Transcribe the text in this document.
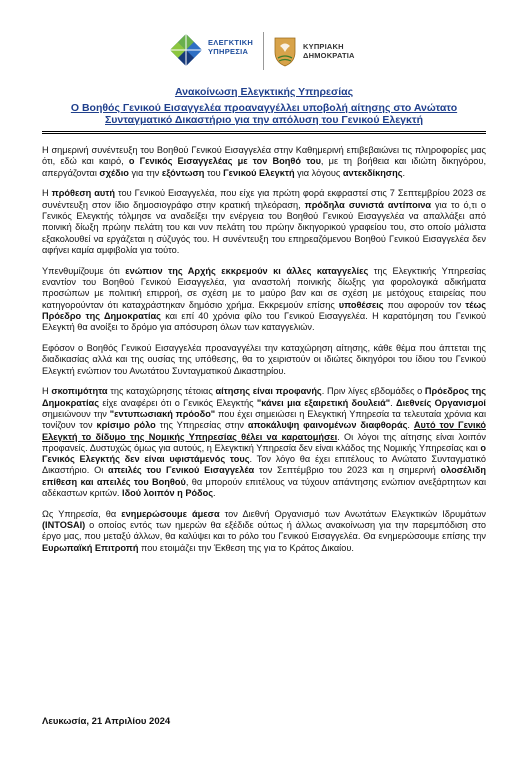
ΕΛΕΓΚΤΙΚΗ
ΥΠΗΡΕΣΙΑ
ΚΥΠΡΙΑΚΗ
ΔΗΜΟΚΡΑΤΙΑ
Ανακοίνωση Ελεγκτικής Υπηρεσίας
Ο Βοηθός Γενικού Εισαγγελέα προαναγγέλλει υποβολή αίτησης στο Ανώτατο Συνταγματικό Δικαστήριο για την απόλυση του Γενικού Ελεγκτή

Η σημερινή συνέντευξη του Βοηθού Γενικού Εισαγγελέα στην Καθημερινή επιβεβαιώνει τις πληροφορίες μας ότι, εδώ και καιρό, ο Γενικός Εισαγγελέας με τον Βοηθό του, με τη βοήθεια και ιδιώτη δικηγόρου, απεργάζονται σχέδιο για την εξόντωση του Γενικού Ελεγκτή για λόγους αντεκδίκησης.

Η πρόθεση αυτή του Γενικού Εισαγγελέα, που είχε για πρώτη φορά εκφραστεί στις 7 Σεπτεμβρίου 2023 σε συνέντευξη στον ίδιο δημοσιογράφο στην κρατική τηλεόραση, πρόδηλα συνιστά αντίποινα για το ό,τι ο Γενικός Ελεγκτής τόλμησε να αναδείξει την ενέργεια του Βοηθού Γενικού Εισαγγελέα να απαλλάξει από ποινική δίωξη πρώην πελάτη του και νυν πελάτη του πρώην δικηγορικού γραφείου του, στο οποίο μάλιστα εξακολουθεί να εργάζεται η σύζυγός του. Η συνέντευξη του επηρεαζόμενου Βοηθού Γενικού Εισαγγελέα δεν αφήνει καμία αμφιβολία για τούτο.

Υπενθυμίζουμε ότι ενώπιον της Αρχής εκκρεμούν κι άλλες καταγγελίες της Ελεγκτικής Υπηρεσίας εναντίον του Βοηθού Γενικού Εισαγγελέα, για αναστολή ποινικής δίωξης για φορολογικά αδικήματα προσώπων με πολιτική επιρροή, σε σχέση με το μαύρο βαν και σε σχέση με μετόχους εταιρείας που κατηγορούνταν ότι καταχράστηκαν δημόσιο χρήμα. Εκκρεμούν επίσης υποθέσεις που αφορούν τον τέως Πρόεδρο της Δημοκρατίας και επί 40 χρόνια φίλο του Γενικού Εισαγγελέα. Η καρατόμηση του Γενικού Ελεγκτή θα ανοίξει το δρόμο για απόσυρση όλων των καταγγελιών.

Εφόσον ο Βοηθός Γενικού Εισαγγελέα προαναγγέλει την καταχώρηση αίτησης, κάθε θέμα που άπτεται της διαδικασίας αλλά και της ουσίας της υπόθεσης, θα το χειριστούν οι ιδιώτες δικηγόροι του ίδιου του Γενικού Ελεγκτή ενώπιον του Ανωτάτου Συνταγματικού Δικαστηρίου.

Η σκοπιμότητα της καταχώρησης τέτοιας αίτησης είναι προφανής. Πριν λίγες εβδομάδες ο Πρόεδρος της Δημοκρατίας είχε αναφέρει ότι ο Γενικός Ελεγκτής "κάνει μια εξαιρετική δουλειά". Διεθνείς Οργανισμοί σημειώνουν την "εντυπωσιακή πρόοδο" που έχει σημειώσει η Ελεγκτική Υπηρεσία τα τελευταία χρόνια και τονίζουν τον κρίσιμο ρόλο της Υπηρεσίας στην αποκάλυψη φαινομένων διαφθοράς. Αυτό τον Γενικό Ελεγκτή το δίδυμο της Νομικής Υπηρεσίας θέλει να καρατομήσει. Οι λόγοι της αίτησης είναι λοιπόν προφανείς. Δυστυχώς όμως για αυτούς, η Ελεγκτική Υπηρεσία δεν είναι κλάδος της Νομικής Υπηρεσίας και ο Γενικός Ελεγκτής δεν είναι υφιστάμενός τους. Τον λόγο θα έχει επιτέλους το Ανώτατο Συνταγματικό Δικαστήριο. Οι απειλές του Γενικού Εισαγγελέα τον Σεπτέμβριο του 2023 και η σημερινή ολοσέλιδη επίθεση και απειλές του Βοηθού, θα μπορούν επιτέλους να τύχουν απάντησης ενώπιον ανεξάρτητων και αδέκαστων κριτών. Ιδού λοιπόν η Ρόδος.

Ως Υπηρεσία, θα ενημερώσουμε άμεσα τον Διεθνή Οργανισμό των Ανωτάτων Ελεγκτικών Ιδρυμάτων (INTOSAI) ο οποίος εντός των ημερών θα εξέδιδε ούτως ή άλλως ανακοίνωση για την παρεμπόδιση στο έργο μας, που μεταξύ άλλων, θα καλύψει και το ρόλο του Γενικού Εισαγγελέα. Θα ενημερώσουμε επίσης την Ευρωπαϊκή Επιτροπή που ετοιμάζει την Έκθεση της για το Κράτος Δικαίου.

Λευκωσία, 21 Απριλίου 2024
